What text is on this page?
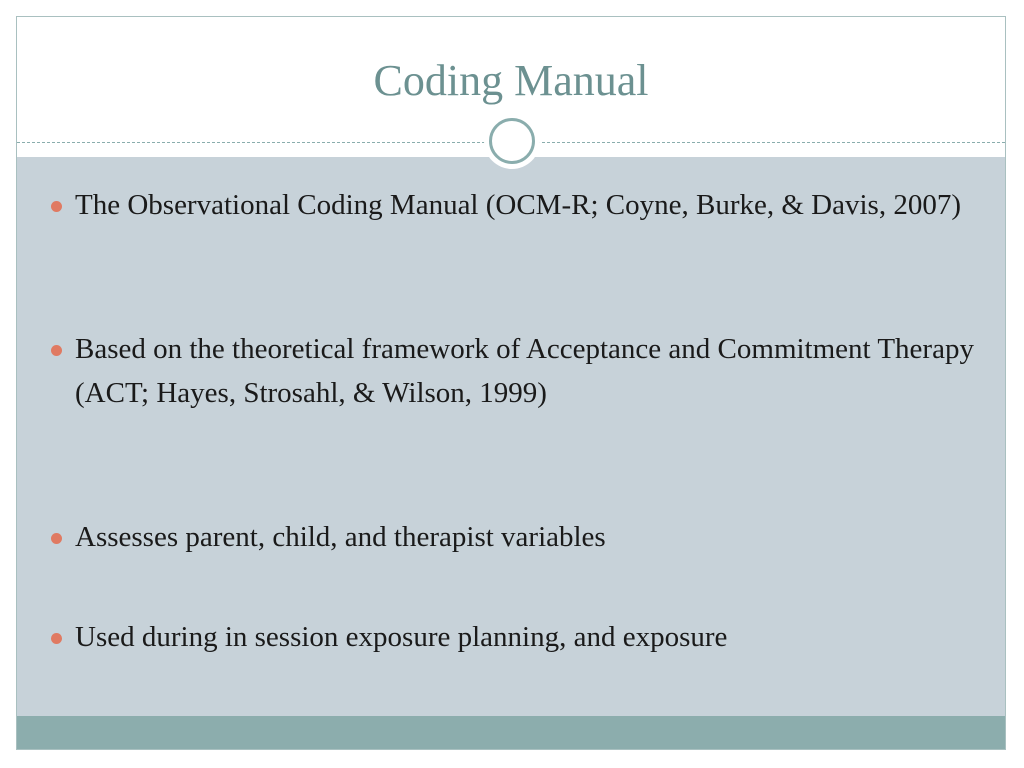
Coding Manual
The Observational Coding Manual (OCM-R; Coyne, Burke, & Davis, 2007)
Based on the theoretical framework of Acceptance and Commitment Therapy (ACT; Hayes, Strosahl, & Wilson, 1999)
Assesses parent, child, and therapist variables
Used during in session exposure planning, and exposure
